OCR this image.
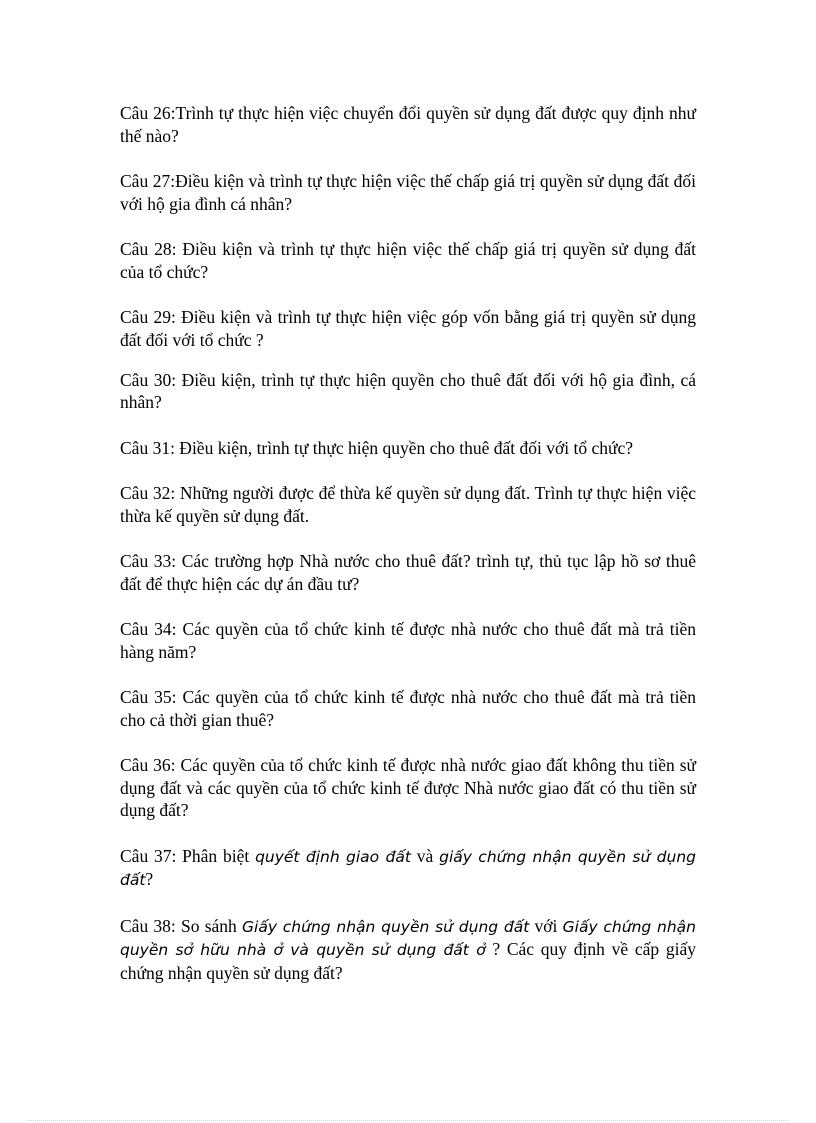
Câu 26:Trình tự thực hiện việc chuyển đổi quyền sử dụng đất được quy định như thế nào?

Câu 27:Điều kiện và trình tự thực hiện việc thế chấp giá trị quyền sử dụng đất đối với hộ gia đình cá nhân?

Câu 28: Điều kiện và trình tự thực hiện việc thế chấp giá trị quyền sử dụng đất của tổ chức?

Câu 29: Điều kiện và trình tự thực hiện việc góp vốn bằng giá trị quyền sử dụng đất đối với tổ chức ?

Câu 30: Điều kiện, trình tự thực hiện quyền cho thuê đất đối với hộ gia đình, cá nhân?

Câu 31: Điều kiện, trình tự thực hiện quyền cho thuê đất đối với tổ chức?

Câu 32: Những người được để thừa kế quyền sử dụng đất. Trình tự thực hiện việc thừa kế quyền sử dụng đất.

Câu 33: Các trường hợp Nhà nước cho thuê đất? trình tự, thủ tục lập hồ sơ thuê đất để thực hiện các dự án đầu tư?

Câu 34: Các quyền của tổ chức kinh tế được nhà nước cho thuê đất mà trả tiền hàng năm?

Câu 35: Các quyền của tổ chức kinh tế được nhà nước cho thuê đất mà trả tiền cho cả thời gian thuê?

Câu 36: Các quyền của tổ chức kinh tế được nhà nước giao đất không thu tiền sử dụng đất và các quyền của tổ chức kinh tế được Nhà nước giao đất có thu tiền sử dụng đất?

Câu 37: Phân biệt quyết định giao đất và giấy chứng nhận quyền sử dụng đất?

Câu 38: So sánh Giấy chứng nhận quyền sử dụng đất với Giấy chứng nhận quyền sở hữu nhà ở và quyền sử dụng đất ở ? Các quy định về cấp giấy chứng nhận quyền sử dụng đất?
